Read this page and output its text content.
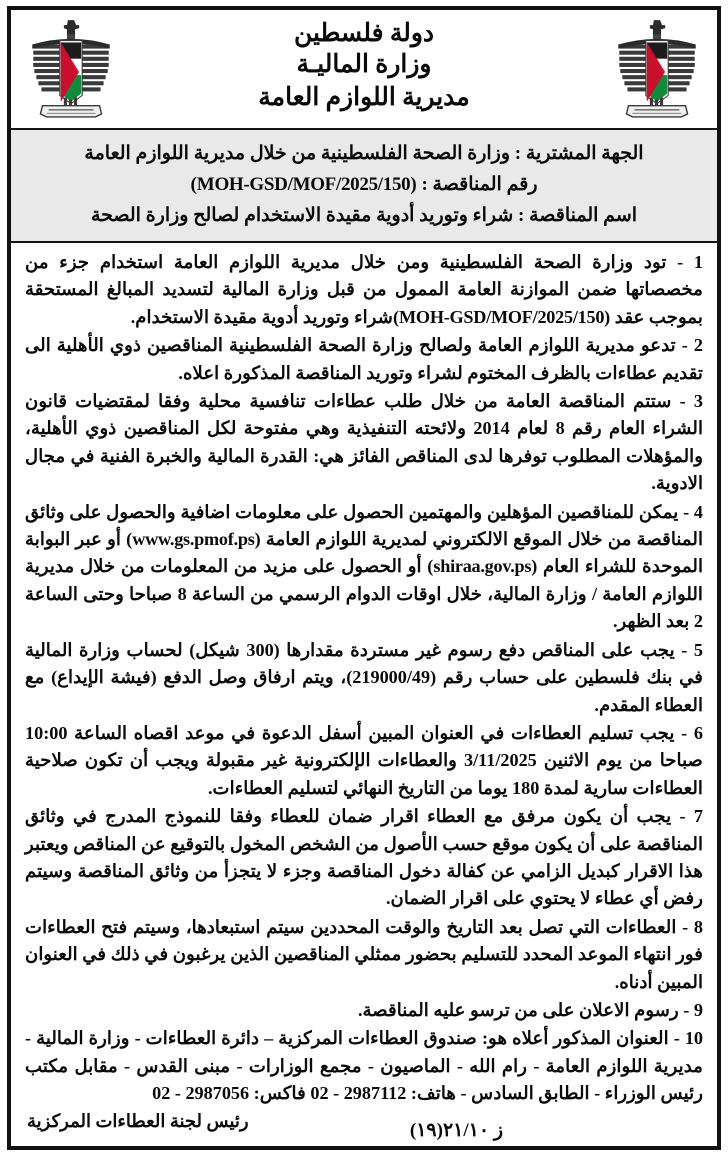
دولة فلسطين
وزارة الماليـة
مديرية اللوازم العامة
الجهة المشترية : وزارة الصحة الفلسطينية من خلال مديرية اللوازم العامة
رقم المناقصة : (MOH-GSD/MOF/2025/150)
اسم المناقصة : شراء وتوريد أدوية مقيدة الاستخدام لصالح وزارة الصحة

1 - تود وزارة الصحة الفلسطينية ومن خلال مديرية اللوازم العامة استخدام جزء من مخصصاتها ضمن الموازنة العامة الممول من قبل وزارة المالية لتسديد المبالغ المستحقة بموجب عقد (MOH-GSD/MOF/2025/150)شراء وتوريد أدوية مقيدة الاستخدام.

2 - تدعو مديرية اللوازم العامة ولصالح وزارة الصحة الفلسطينية المناقصين ذوي الأهلية الى تقديم عطاءات بالظرف المختوم لشراء وتوريد المناقصة المذكورة اعلاه.

3 - ستتم المناقصة العامة من خلال طلب عطاءات تنافسية محلية وفقا لمقتضيات قانون الشراء العام رقم 8 لعام 2014 ولائحته التنفيذية وهي مفتوحة لكل المناقصين ذوي الأهلية، والمؤهلات المطلوب توفرها لدى المناقص الفائز هي: القدرة المالية والخبرة الفنية في مجال الادوية.

4 - يمكن للمناقصين المؤهلين والمهتمين الحصول على معلومات اضافية والحصول على وثائق المناقصة من خلال الموقع الالكتروني لمديرية اللوازم العامة (www.gs.pmof.ps) أو عبر البوابة الموحدة للشراء العام (shiraa.gov.ps) أو الحصول على مزيد من المعلومات من خلال مديرية اللوازم العامة / وزارة المالية، خلال اوقات الدوام الرسمي من الساعة 8 صباحا وحتى الساعة 2 بعد الظهر.

5 - يجب على المناقص دفع رسوم غير مستردة مقدارها (300 شيكل) لحساب وزارة المالية في بنك فلسطين على حساب رقم (219000/49)، ويتم ارفاق وصل الدفع (فيشة الإيداع) مع العطاء المقدم.

6 - يجب تسليم العطاءات في العنوان المبين أسفل الدعوة في موعد اقصاه الساعة 10:00 صباحا من يوم الاثنين 3/11/2025 والعطاءات الإلكترونية غير مقبولة ويجب أن تكون صلاحية العطاءات سارية لمدة 180 يوما من التاريخ النهائي لتسليم العطاءات.

7 - يجب أن يكون مرفق مع العطاء اقرار ضمان للعطاء وفقا للنموذج المدرج في وثائق المناقصة على أن يكون موقع حسب الأصول من الشخص المخول بالتوقيع عن المناقص ويعتبر هذا الاقرار كبديل الزامي عن كفالة دخول المناقصة وجزء لا يتجزأ من وثائق المناقصة وسيتم رفض أي عطاء لا يحتوي على اقرار الضمان.

8 - العطاءات التي تصل بعد التاريخ والوقت المحددين سيتم استبعادها، وسيتم فتح العطاءات فور انتهاء الموعد المحدد للتسليم بحضور ممثلي المناقصين الذين يرغبون في ذلك في العنوان المبين أدناه.

9 - رسوم الاعلان على من ترسو عليه المناقصة.

10 - العنوان المذكور أعلاه هو: صندوق العطاءات المركزية – دائرة العطاءات - وزارة المالية - مديرية اللوازم العامة - رام الله - الماصيون - مجمع الوزارات - مبنى القدس - مقابل مكتب رئيس الوزراء - الطابق السادس - هاتف: 2987112 - 02 فاكس: 2987056 - 02

رئيس لجنة العطاءات المركزية	ز ٢١/١٠(١٩)
